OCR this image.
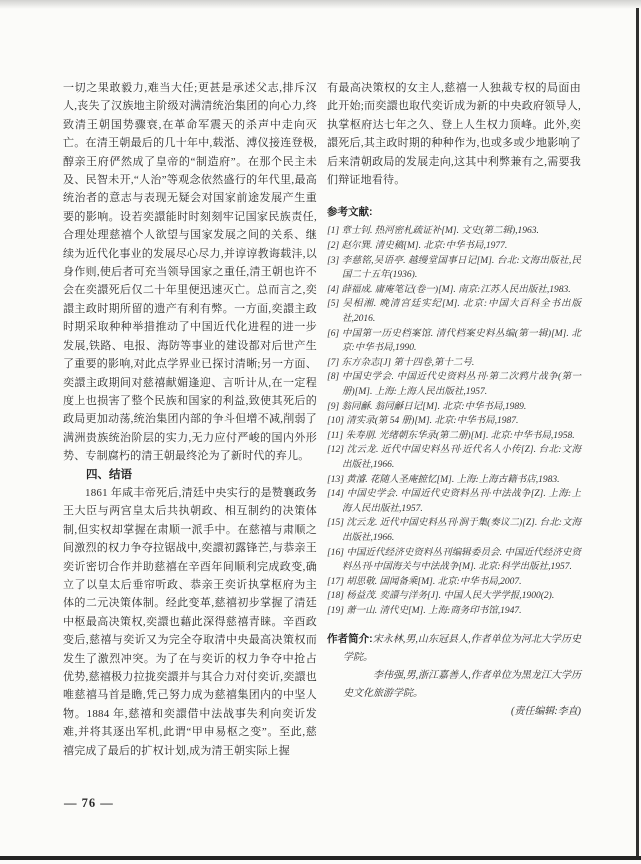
一切之果敢毅力,难当大任;更甚是承述父志,排斥汉人,丧失了汉族地主阶级对满清统治集团的向心力,终致清王朝国势骤衰,在革命军震天的杀声中走向灭亡。在清王朝最后的几十年中,载湉、溥仪接连登极,醇亲王府俨然成了皇帝的“制造府”。在那个民主未及、民智未开,“人治”等观念依然盛行的年代里,最高统治者的意志与表现无疑会对国家前途发展产生重要的影响。设若奕譞能时时刻刻牢记国家民族责任,合理处理慈禧个人欲望与国家发展之间的关系、继续为近代化事业的发展尽心尽力,并谆谆教诲载沣,以身作则,使后者可充当领导国家之重任,清王朝也许不会在奕譞死后仅二十年里便迅速灭亡。总而言之,奕譞主政时期所留的遗产有利有弊。一方面,奕譞主政时期采取种种举措推动了中国近代化进程的进一步发展,铁路、电报、海防等事业的建设都对后世产生了重要的影响,对此点学界业已探讨清晰;另一方面、奕譞主政期间对慈禧献媚逢迎、言听计从,在一定程度上也损害了整个民族和国家的利益,致使其死后的政局更加动荡,统治集团内部的争斗但增不减,削弱了满洲贵族统治阶层的实力,无力应付严峻的国内外形势、专制腐朽的清王朝最终沦为了新时代的弃儿。

四、结语

1861 年咸丰帝死后,清廷中央实行的是赞襄政务王大臣与两宫皇太后共执朝政、相互制约的决策体制,但实权却掌握在肃顺一派手中。在慈禧与肃顺之间激烈的权力争夺拉锯战中,奕譞初露锋芒,与恭亲王奕䜣密切合作并助慈禧在辛酉年间顺利完成政变,确立了以皇太后垂帘听政、恭亲王奕䜣执掌枢府为主体的二元决策体制。经此变革,慈禧初步掌握了清廷中枢最高决策权,奕譞也藉此深得慈禧青睐。辛酉政变后,慈禧与奕䜣又为完全夺取清中央最高决策权而发生了激烈冲突。为了在与奕䜣的权力争夺中抢占优势,慈禧极力拉拢奕譞并与其合力对付奕䜣,奕譞也唯慈禧马首是瞻,凭己努力成为慈禧集团内的中坚人物。1884 年,慈禧和奕譞借中法战事失利向奕䜣发难,并将其逐出军机,此谓“甲申易枢之变”。至此,慈禧完成了最后的扩权计划,成为清王朝实际上握

有最高决策权的女主人,慈禧一人独裁专权的局面由此开始;而奕譞也取代奕䜣成为新的中央政府领导人,执掌枢府达七年之久、登上人生权力顶峰。此外,奕譞死后,其主政时期的种种作为,也或多或少地影响了后来清朝政局的发展走向,这其中利弊兼有之,需要我们辩证地看待。

参考文献:

[1] 章士钊. 热河密札疏证补[M]. 文史(第二辑),1963.
[2] 赵尔巽. 清史稿[M]. 北京:中华书局,1977.
[3] 李慈铭,吴语亭. 越缦堂国事日记[M]. 台北:文海出版社,民国二十五年(1936).
[4] 薛福成. 庸庵笔记(卷一)[M]. 南京:江苏人民出版社,1983.
[5] 吴相湘. 晚清宫廷实纪[M]. 北京:中国大百科全书出版社,2016.
[6] 中国第一历史档案馆. 清代档案史料丛编(第一辑)[M]. 北京:中华书局,1990.
[7] 东方杂志[J] 第十四卷,第十二号.
[8] 中国史学会. 中国近代史资料丛刊·第二次鸦片战争(第一册)[M]. 上海:上海人民出版社,1957.
[9] 翁同龢. 翁同龢日记[M]. 北京:中华书局,1989.
[10] 清实录(第 54 册)[M]. 北京:中华书局,1987.
[11] 朱寿朋. 光绪朝东华录(第二册)[M]. 北京:中华书局,1958.
[12] 沈云龙. 近代中国史料丛刊·近代名人小传[Z]. 台北:文海出版社,1966.
[13] 黄濬. 花随人圣庵摭忆[M]. 上海:上海古籍书店,1983.
[14] 中国史学会. 中国近代史资料丛刊·中法战争[Z]. 上海:上海人民出版社,1957.
[15] 沈云龙. 近代中国史料丛刊·涧于集(奏议二)[Z]. 台北:文海出版社,1966.
[16] 中国近代经济史资料丛刊编辑委员会. 中国近代经济史资料丛刊·中国海关与中法战争[M]. 北京:科学出版社,1957.
[17] 胡思敬. 国闻备乘[M]. 北京:中华书局,2007.
[18] 杨益茂. 奕譞与洋务[J]. 中国人民大学学报,1900(2).
[19] 萧一山. 清代史[M]. 上海:商务印书馆,1947.

作者简介:宋永林,男,山东冠县人,作者单位为河北大学历史学院。

李伟强,男,浙江嘉善人,作者单位为黑龙江大学历史文化旅游学院。

(责任编辑:李直)

— 76 —
